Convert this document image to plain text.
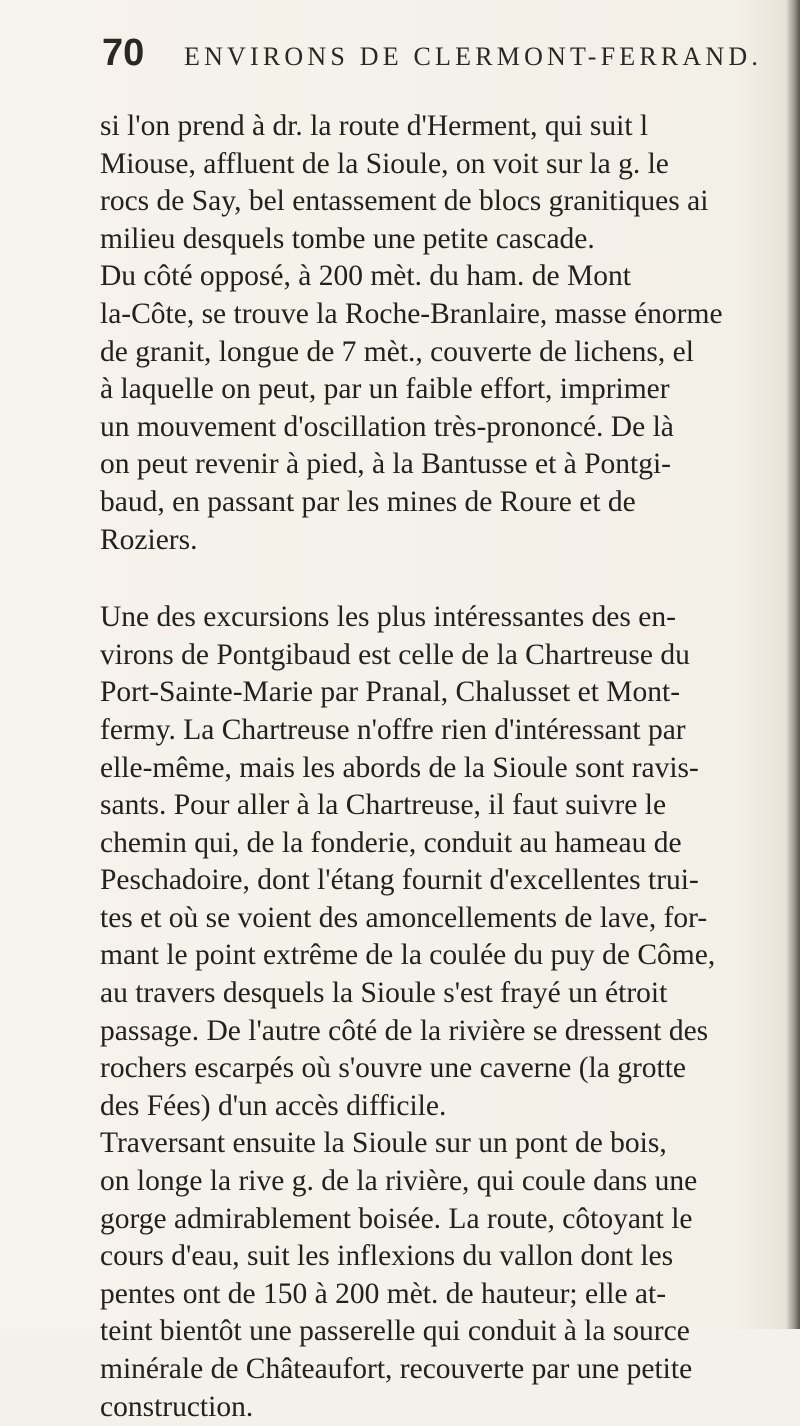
70 ENVIRONS DE CLERMONT-FERRAND.
si l'on prend à dr. la route d'Herment, qui suit l
Miouse, affluent de la Sioule, on voit sur la g. le
rocs de Say, bel entassement de blocs granitiques ai
milieu desquels tombe une petite cascade.
Du côté opposé, à 200 mèt. du ham. de Mont
la-Côte, se trouve la Roche-Branlaire, masse énorme
de granit, longue de 7 mèt., couverte de lichens, el
à laquelle on peut, par un faible effort, imprimer
un mouvement d'oscillation très-prononcé. De là
on peut revenir à pied, à la Bantusse et à Pontgi-
baud, en passant par les mines de Roure et de
Roziers.
Une des excursions les plus intéressantes des en-
virons de Pontgibaud est celle de la Chartreuse du
Port-Sainte-Marie par Pranal, Chalusset et Mont-
fermy. La Chartreuse n'offre rien d'intéressant par
elle-même, mais les abords de la Sioule sont ravis-
sants. Pour aller à la Chartreuse, il faut suivre le
chemin qui, de la fonderie, conduit au hameau de
Peschadoire, dont l'étang fournit d'excellentes trui-
tes et où se voient des amoncellements de lave, for-
mant le point extrême de la coulée du puy de Côme,
au travers desquels la Sioule s'est frayé un étroit
passage. De l'autre côté de la rivière se dressent des
rochers escarpés où s'ouvre une caverne (la grotte
des Fées) d'un accès difficile.
Traversant ensuite la Sioule sur un pont de bois,
on longe la rive g. de la rivière, qui coule dans une
gorge admirablement boisée. La route, côtoyant le
cours d'eau, suit les inflexions du vallon dont les
pentes ont de 150 à 200 mèt. de hauteur; elle at-
teint bientôt une passerelle qui conduit à la source
minérale de Châteaufort, recouverte par une petite
construction.
